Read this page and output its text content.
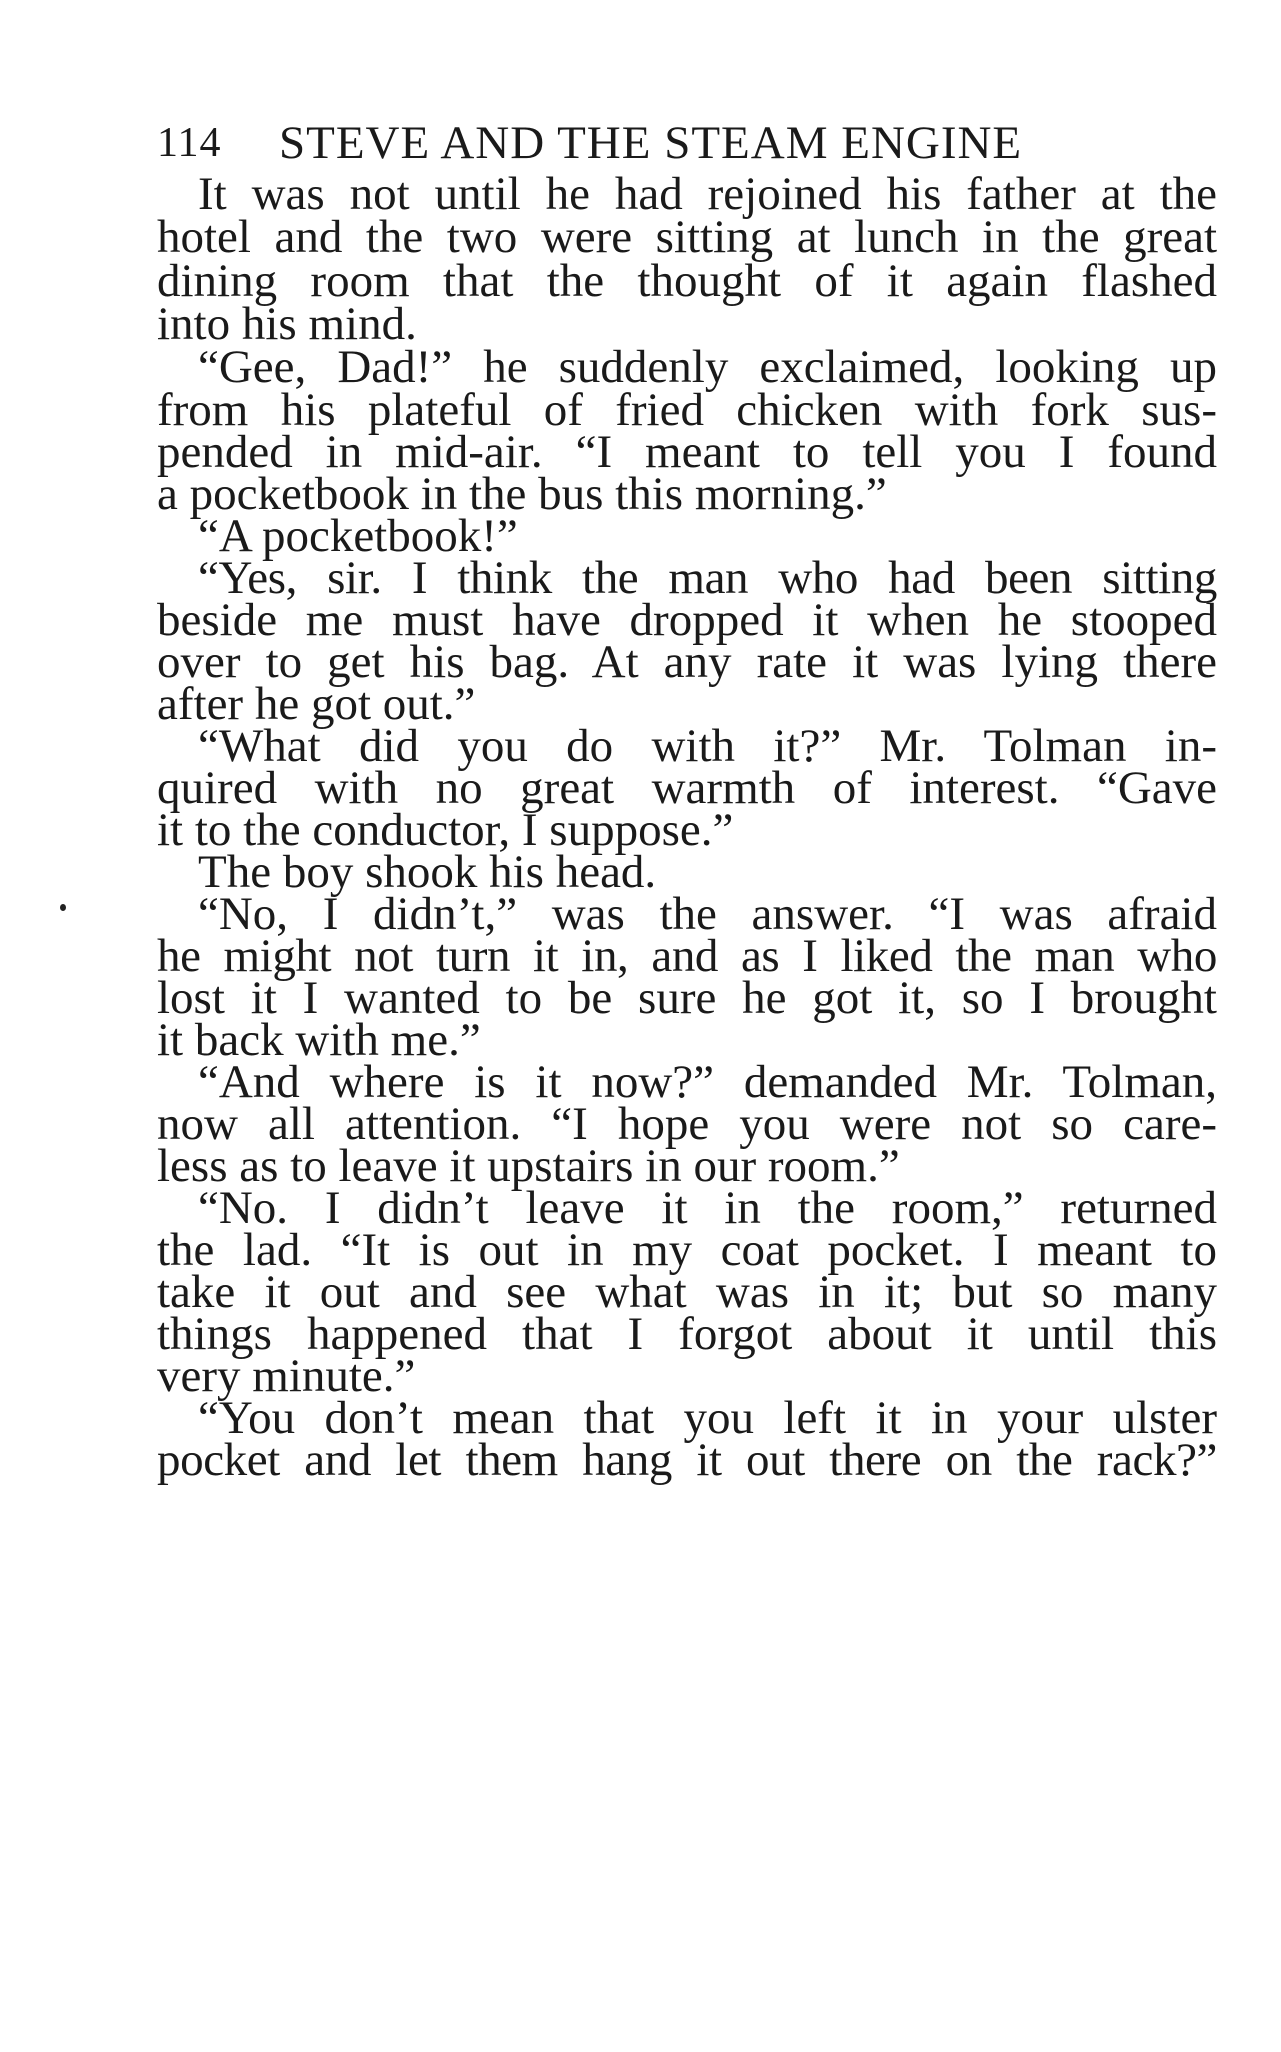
114 STEVE AND THE STEAM ENGINE
It was not until he had rejoined his father at the
hotel and the two were sitting at lunch in the great
dining room that the thought of it again flashed
into his mind.
“Gee, Dad!” he suddenly exclaimed, looking up
from his plateful of fried chicken with fork sus-
pended in mid-air. “I meant to tell you I found
a pocketbook in the bus this morning.”
“A pocketbook!”
“Yes, sir. I think the man who had been sitting
beside me must have dropped it when he stooped
over to get his bag. At any rate it was lying there
after he got out.”
“What did you do with it?” Mr. Tolman in-
quired with no great warmth of interest. “Gave
it to the conductor, I suppose.”
The boy shook his head.
“No, I didn’t,” was the answer. “I was afraid
he might not turn it in, and as I liked the man who
lost it I wanted to be sure he got it, so I brought
it back with me.”
“And where is it now?” demanded Mr. Tolman,
now all attention. “I hope you were not so care-
less as to leave it upstairs in our room.”
“No. I didn’t leave it in the room,” returned
the lad. “It is out in my coat pocket. I meant to
take it out and see what was in it; but so many
things happened that I forgot about it until this
very minute.”
“You don’t mean that you left it in your ulster
pocket and let them hang it out there on the rack?”
